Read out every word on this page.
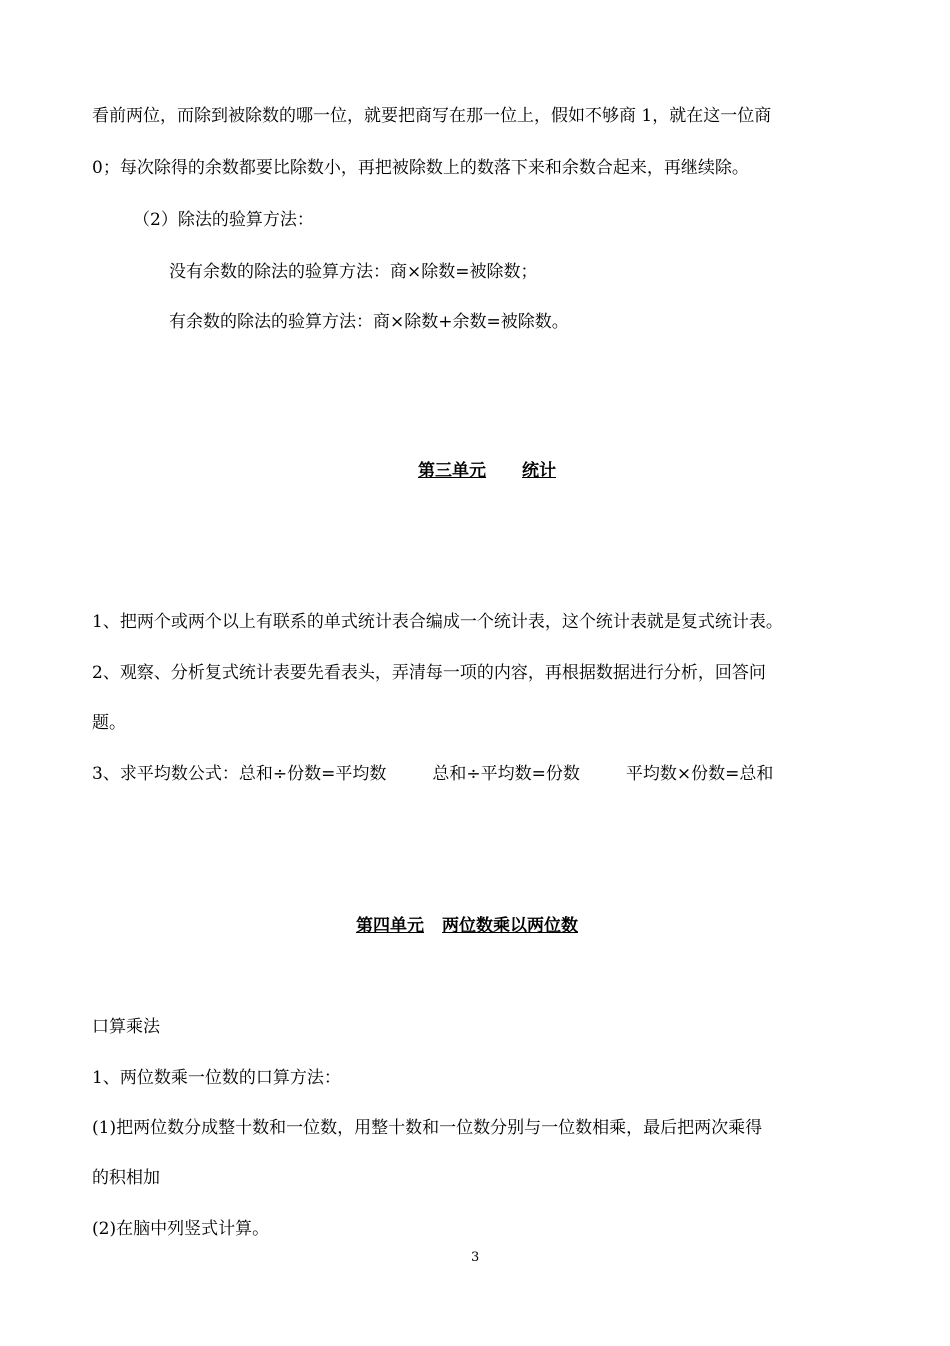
看前两位，而除到被除数的哪一位，就要把商写在那一位上，假如不够商 1，就在这一位商
0；每次除得的余数都要比除数小，再把被除数上的数落下来和余数合起来，再继续除。
（2）除法的验算方法：
没有余数的除法的验算方法：商×除数=被除数；
有余数的除法的验算方法：商×除数+余数=被除数。
第三单元 统计
1、把两个或两个以上有联系的单式统计表合编成一个统计表，这个统计表就是复式统计表。
2、观察、分析复式统计表要先看表头，弄清每一项的内容，再根据数据进行分析，回答问
题。
3、求平均数公式：总和÷份数=平均数	总和÷平均数=份数	平均数×份数=总和
第四单元 两位数乘以两位数
口算乘法
1、两位数乘一位数的口算方法：
(1)把两位数分成整十数和一位数，用整十数和一位数分别与一位数相乘，最后把两次乘得
的积相加
(2)在脑中列竖式计算。
3
